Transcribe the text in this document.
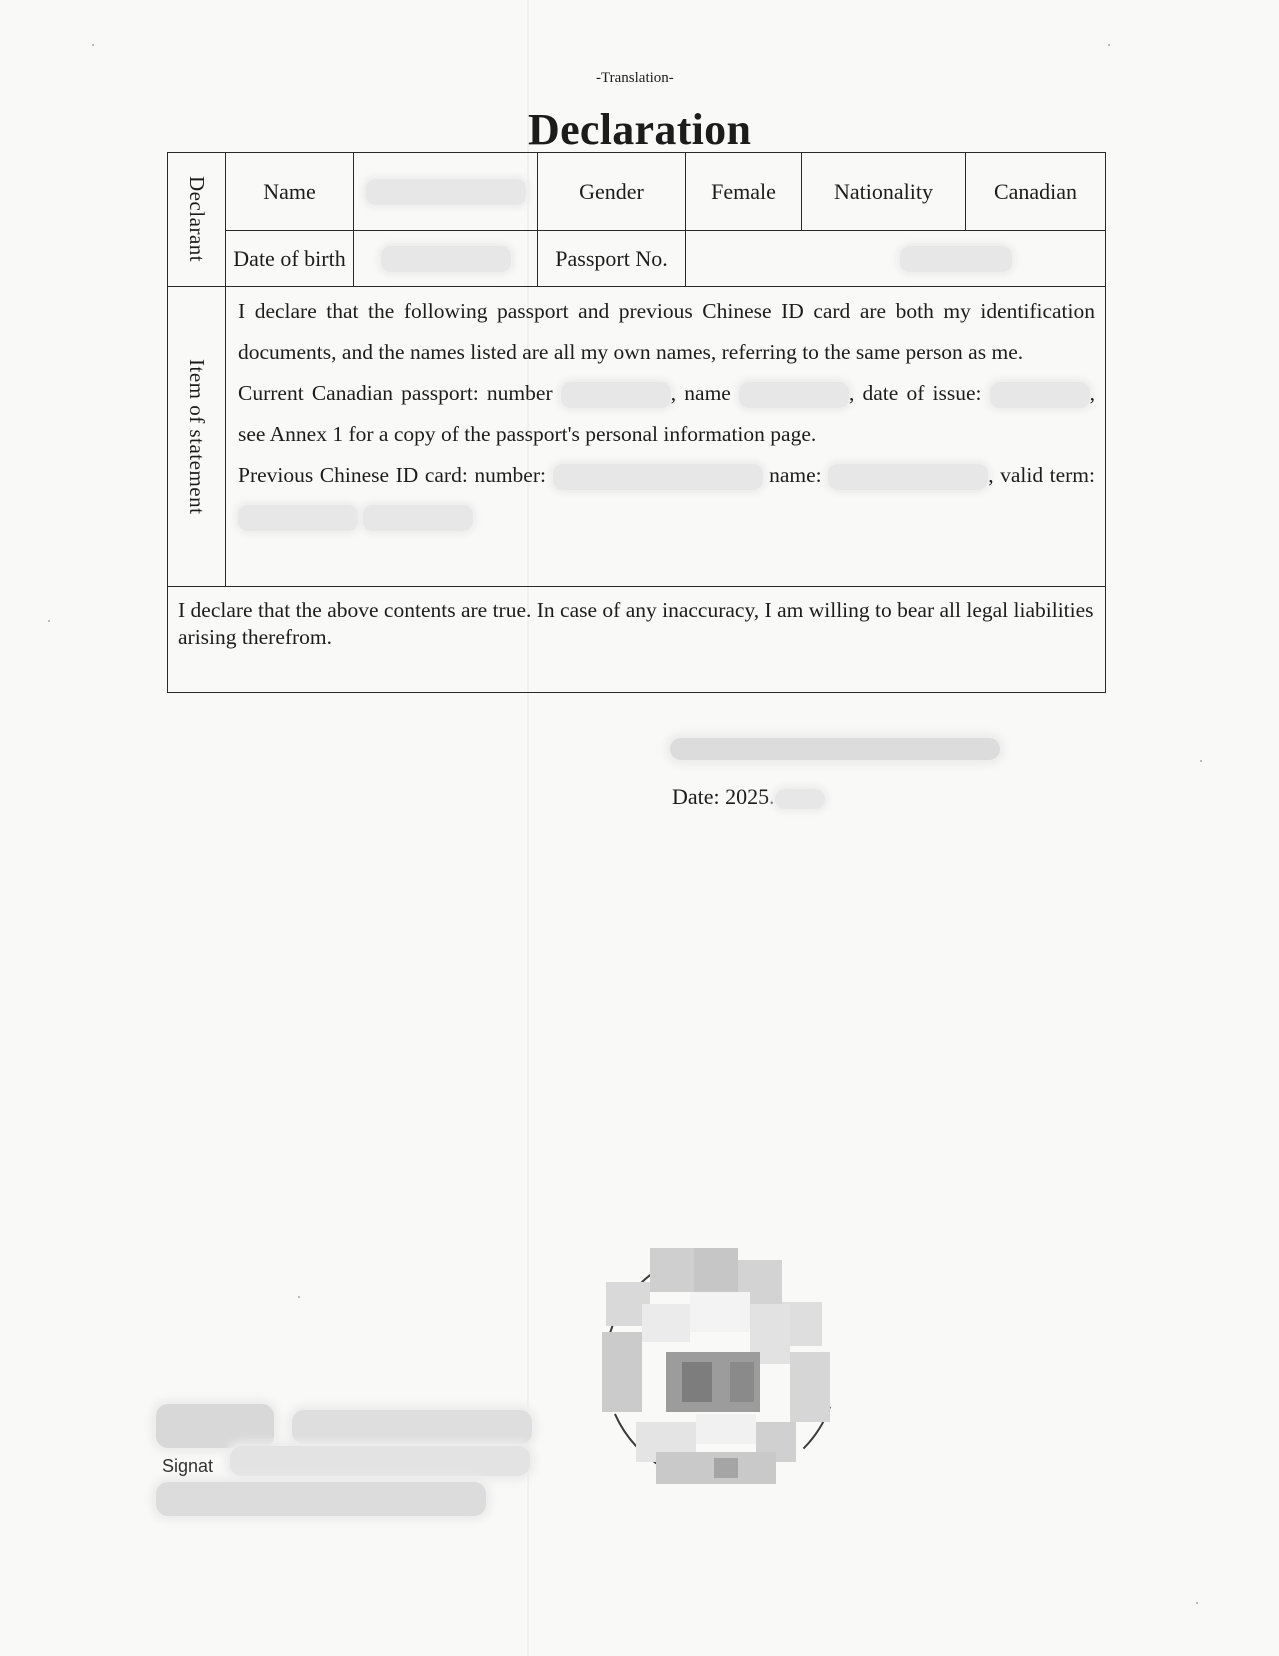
-Translation-
Declaration
Declarant	Name		Gender	Female	Nationality	Canadian
	Date of birth		Passport No.			
Item of statement	I declare that the following passport and previous Chinese ID card are both my identification documents, and the names listed are all my own names, referring to the same person as me.

Current Canadian passport: number , name , date of issue: , see Annex 1 for a copy of the passport's personal information page.

Previous Chinese ID card: number: name: , valid term:					

I declare that the above contents are true. In case of any inaccuracy, I am willing to bear all legal liabilities arising therefrom.						
Date: 2025.
Signat
